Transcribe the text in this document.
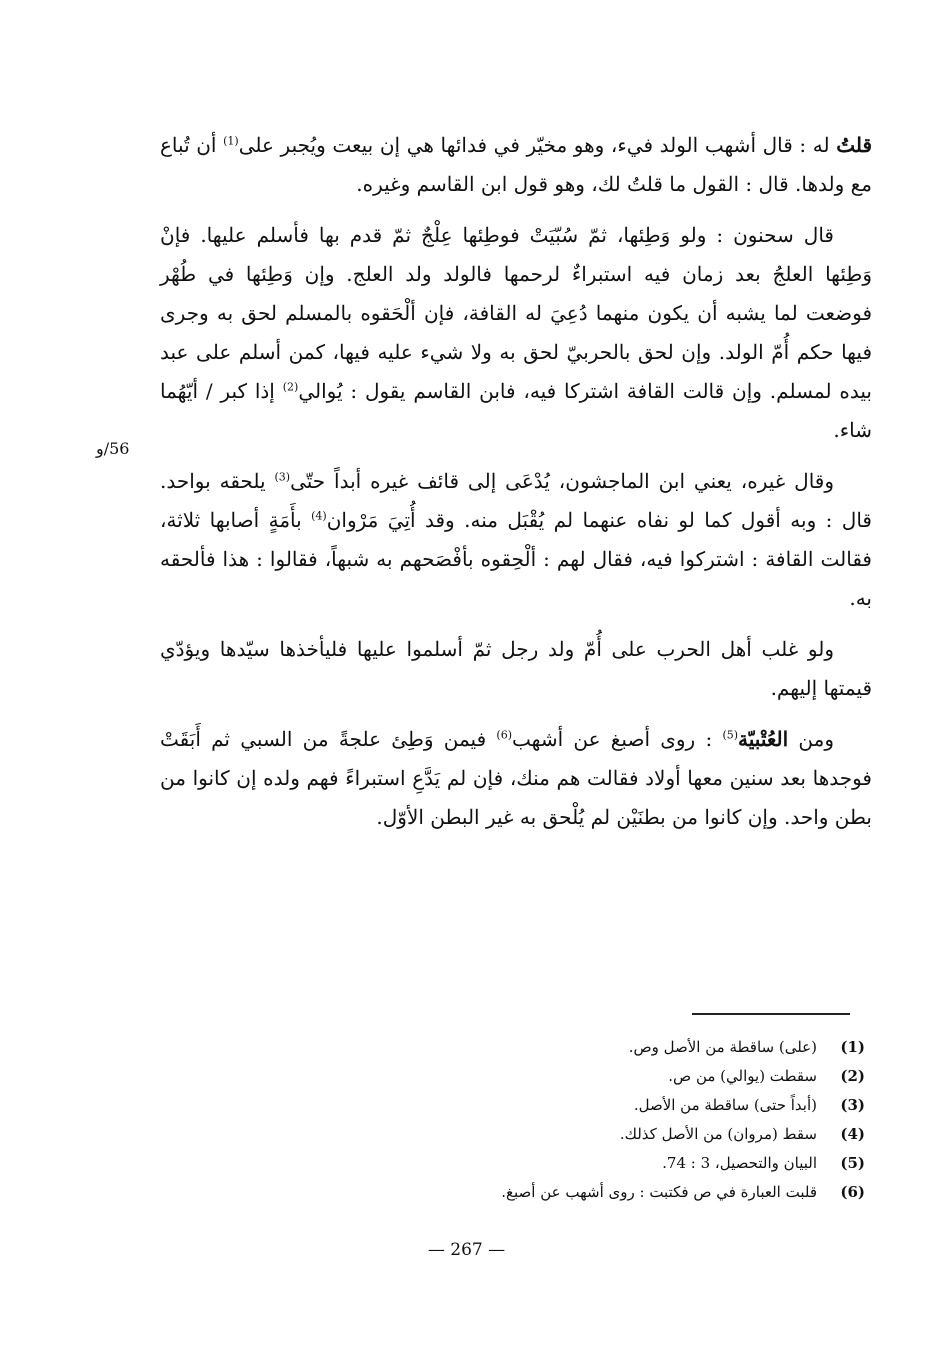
قلتُ له : قال أشهب الولد فيء، وهو مخيّر في فدائها هي إن بيعت ويُجبر على$^{(1)}$ أن تُباع مع ولدها. قال : القول ما قلتُ لك، وهو قول ابن القاسم وغيره.

قال سحنون : ولو وَطِئها، ثمّ سُبّيَتْ فوطِئها عِلْجٌ ثمّ قدم بها فأسلم عليها. فإنْ وَطِئها العلجُ بعد زمان فيه استبراءٌ لرحمها فالولد ولد العلج. وإن وَطِئها في طُهْر فوضعت لما يشبه أن يكون منهما دُعِيَ له القافة، فإن ألْحَقوه بالمسلم لحق به وجرى فيها حكم أُمّ الولد. وإن لحق بالحربيّ لحق به ولا شيء عليه فيها، كمن أسلم على عبد بيده لمسلم. وإن قالت القافة اشتركا فيه، فابن القاسم يقول : يُوالي$^{(2)}$ إذا كبر / أيّهُما شاء.

وقال غيره، يعني ابن الماجشون، يُدْعَى إلى قائف غيره أبداً حتّى$^{(3)}$ يلحقه بواحد. قال : وبه أقول كما لو نفاه عنهما لم يُقْبَل منه. وقد أُتِيَ مَرْوان$^{(4)}$ بأَمَةٍ أصابها ثلاثة، فقالت القافة : اشتركوا فيه، فقال لهم : ألْحِقوه بأفْصَحهم به شبهاً، فقالوا : هذا فألحقه به.

ولو غلب أهل الحرب على أُمّ ولد رجل ثمّ أسلموا عليها فليأخذها سيّدها ويؤدّي قيمتها إليهم.

ومن العُتْبيّة$^{(5)}$ : روى أصبغ عن أشهب$^{(6)}$ فيمن وَطِئ علجةً من السبي ثم أَبَقَتْ فوجدها بعد سنين معها أولاد فقالت هم منك، فإن لم يَدَّعِ استبراءً فهم ولده إن كانوا من بطن واحد. وإن كانوا من بطنَيْن لم يُلْحق به غير البطن الأوّل.

56/و
(1)
(على) ساقطة من الأصل وص.
(2)
سقطت (يوالي) من ص.
(3)
(أبداً حتى) ساقطة من الأصل.
(4)
سقط (مروان) من الأصل كذلك.
(5)
البيان والتحصيل، 3 : 74.
(6)
قلبت العبارة في ص فكتبت : روى أشهب عن أصبغ.
— 267 —
